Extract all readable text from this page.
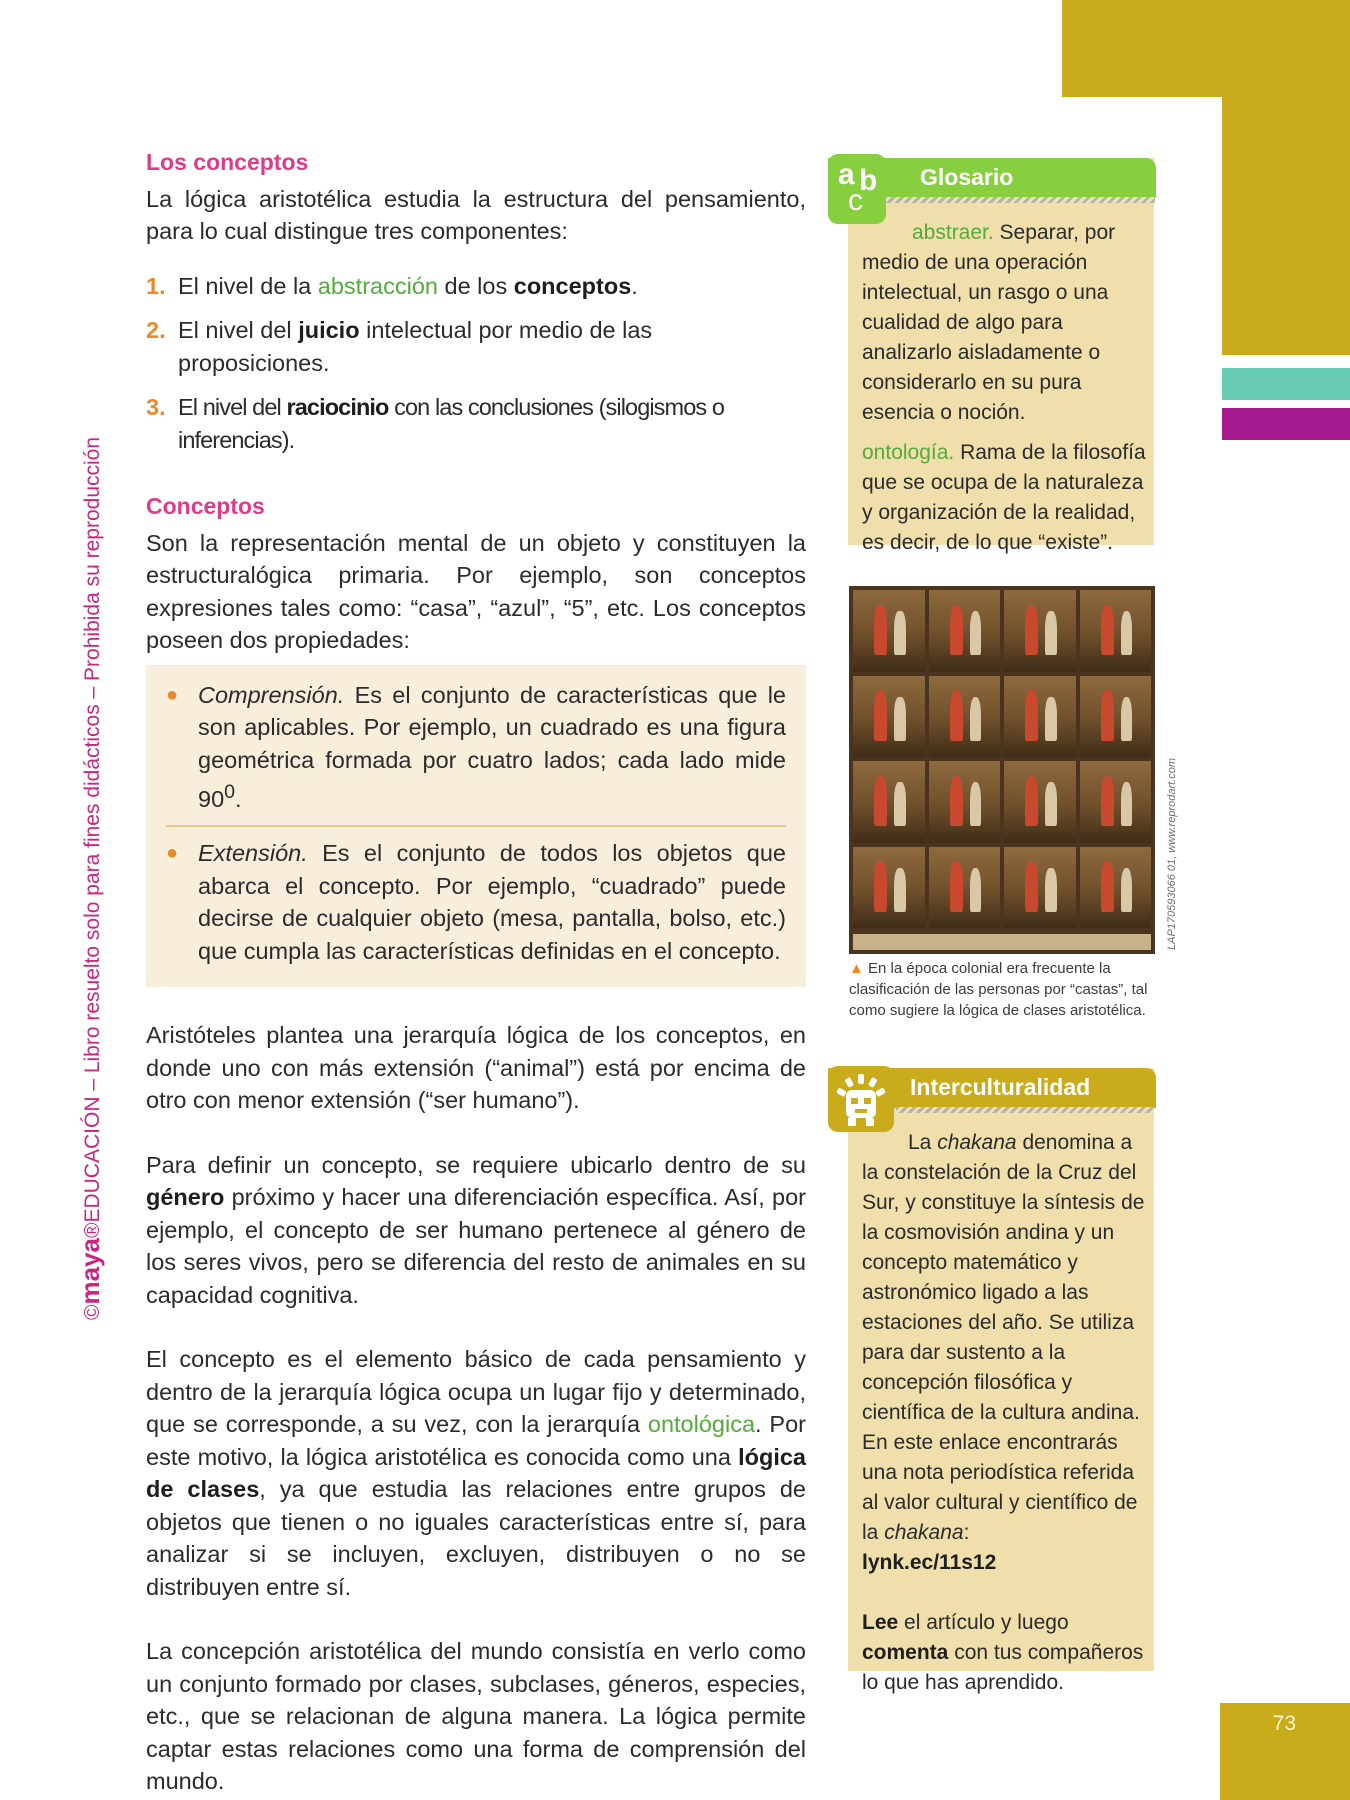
73
©maya®EDUCACIÓN – Libro resuelto solo para fines didácticos – Prohibida su reproducción
Los conceptos

La lógica aristotélica estudia la estructura del pensamiento, para lo cual distingue tres componentes:

1. El nivel de la abstracción de los conceptos.
2. El nivel del juicio intelectual por medio de las proposiciones.
3. El nivel del raciocinio con las conclusiones (silogismos o inferencias).
Conceptos

Son la representación mental de un objeto y constituyen la estructuralógica primaria. Por ejemplo, son conceptos expresiones tales como: “casa”, “azul”, “5”, etc. Los conceptos poseen dos propiedades:

● Comprensión. Es el conjunto de características que le son aplicables. Por ejemplo, un cuadrado es una figura geométrica formada por cuatro lados; cada lado mide $90^0$.
● Extensión. Es el conjunto de todos los objetos que abarca el concepto. Por ejemplo, “cuadrado” puede decirse de cualquier objeto (mesa, pantalla, bolso, etc.) que cumpla las características definidas en el concepto.

Aristóteles plantea una jerarquía lógica de los conceptos, en donde uno con más extensión (“animal”) está por encima de otro con menor extensión (“ser humano”).

Para definir un concepto, se requiere ubicarlo dentro de su género próximo y hacer una diferenciación específica. Así, por ejemplo, el concepto de ser humano pertenece al género de los seres vivos, pero se diferencia del resto de animales en su capacidad cognitiva.

El concepto es el elemento básico de cada pensamiento y dentro de la jerarquía lógica ocupa un lugar fijo y determinado, que se corresponde, a su vez, con la jerarquía ontológica. Por este motivo, la lógica aristotélica es conocida como una lógica de clases, ya que estudia las relaciones entre grupos de objetos que tienen o no iguales características entre sí, para analizar si se incluyen, excluyen, distribuyen o no se distribuyen entre sí.

La concepción aristotélica del mundo consistía en verlo como un conjunto formado por clases, subclases, géneros, especies, etc., que se relacionan de alguna manera. La lógica permite captar estas relaciones como una forma de comprensión del mundo.

a b
c
Glosario

abstraer. Separar, por medio de una operación intelectual, un rasgo o una cualidad de algo para analizarlo aisladamente o considerarlo en su pura esencia o noción.

ontología. Rama de la filosofía que se ocupa de la naturaleza y organización de la realidad, es decir, de lo que “existe”.

LAP170593066 01, www.reprodart.com
▲ En la época colonial era frecuente la clasificación de las personas por “castas”, tal como sugiere la lógica de clases aristotélica.
Interculturalidad

La chakana denomina a la constelación de la Cruz del Sur, y constituye la síntesis de la cosmovisión andina y un concepto matemático y astronómico ligado a las estaciones del año. Se utiliza para dar sustento a la concepción filosófica y científica de la cultura andina. En este enlace encontrarás una nota periodística referida al valor cultural y científico de la chakana:

lynk.ec/11s12

Lee el artículo y luego comenta con tus compañeros lo que has aprendido.
